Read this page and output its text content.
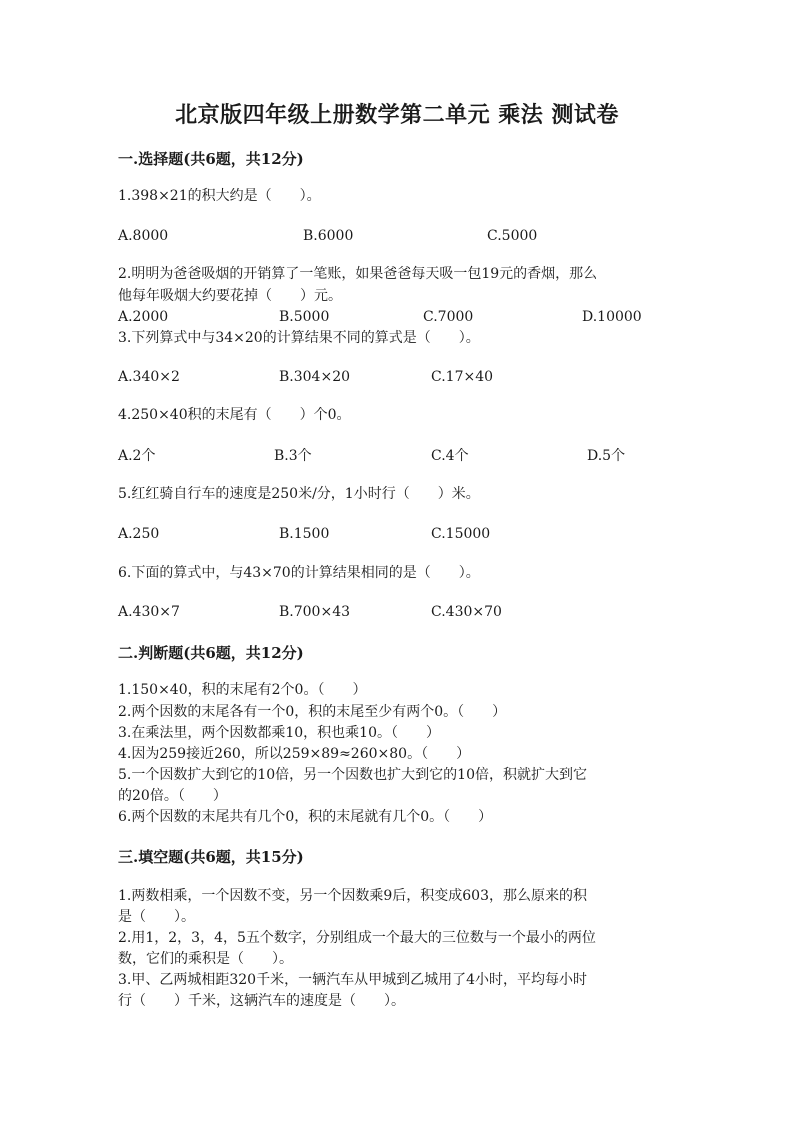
北京版四年级上册数学第二单元 乘法 测试卷
一.选择题(共6题，共12分)
1.398×21的积大约是（　　）。
A.8000	B.6000	C.5000
2.明明为爸爸吸烟的开销算了一笔账，如果爸爸每天吸一包19元的香烟，那么
他每年吸烟大约要花掉（　　）元。
A.2000	B.5000	C.7000	D.10000
3.下列算式中与34×20的计算结果不同的算式是（　　）。
A.340×2	B.304×20	C.17×40
4.250×40积的末尾有（　　）个0。
A.2个	B.3个	C.4个	D.5个
5.红红骑自行车的速度是250米/分，1小时行（　　）米。
A.250	B.1500	C.15000
6.下面的算式中，与43×70的计算结果相同的是（　　）。
A.430×7	B.700×43	C.430×70
二.判断题(共6题，共12分)
1.150×40，积的末尾有2个0。（　　）
2.两个因数的末尾各有一个0，积的末尾至少有两个0。（　　）
3.在乘法里，两个因数都乘10，积也乘10。（　　）
4.因为259接近260，所以259×89≈260×80。（　　）
5.一个因数扩大到它的10倍，另一个因数也扩大到它的10倍，积就扩大到它
的20倍。（　　）
6.两个因数的末尾共有几个0，积的末尾就有几个0。（　　）
三.填空题(共6题，共15分)
1.两数相乘，一个因数不变，另一个因数乘9后，积变成603，那么原来的积
是（　　）。
2.用1，2，3，4，5五个数字，分别组成一个最大的三位数与一个最小的两位
数，它们的乘积是（　　）。
3.甲、乙两城相距320千米，一辆汽车从甲城到乙城用了4小时，平均每小时
行（　　）千米，这辆汽车的速度是（　　）。
